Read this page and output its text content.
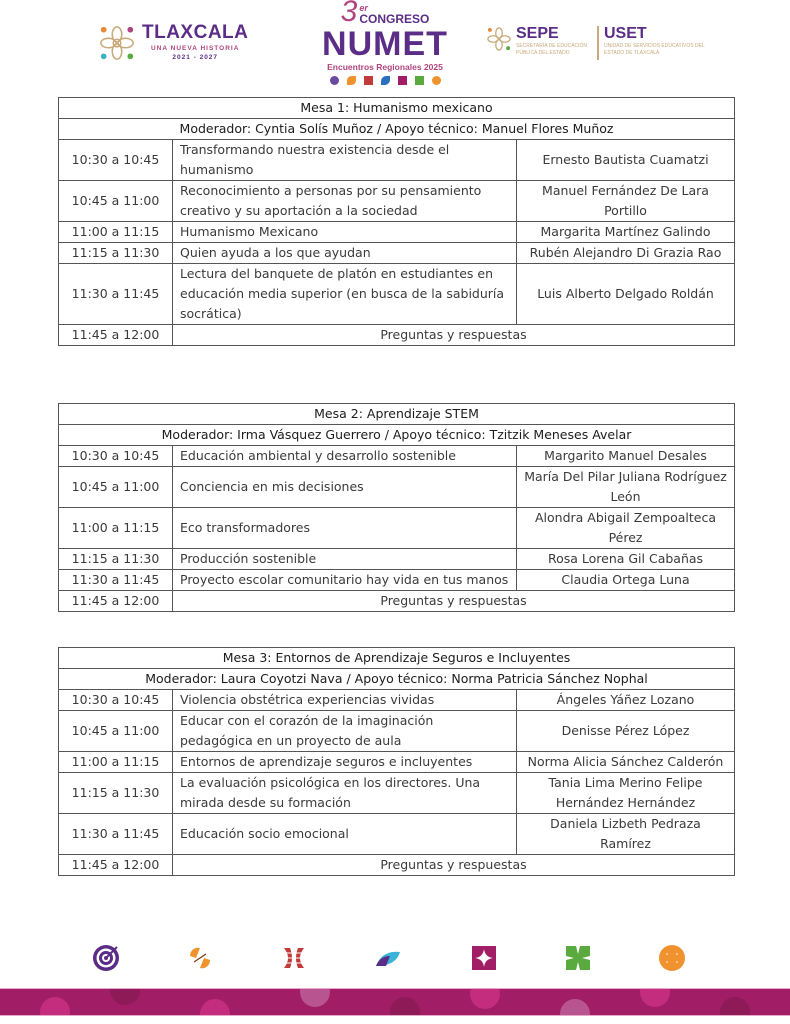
TLAXCALA
UNA NUEVA HISTORIA
2021 - 2027
3 er
CONGRESO
NUMET
Encuentros Regionales 2025
SEPE
SECRETARÍA DE EDUCACIÓN PÚBLICA DEL ESTADO
USET
UNIDAD DE SERVICIOS EDUCATIVOS DEL ESTADO DE TLAXCALA
Mesa 1: Humanismo mexicano		
Moderador: Cyntia Solís Muñoz / Apoyo técnico: Manuel Flores Muñoz		
10:30 a 10:45	Transformando nuestra existencia desde el humanismo	Ernesto Bautista Cuamatzi
10:45 a 11:00	Reconocimiento a personas por su pensamiento creativo y su aportación a la sociedad	Manuel Fernández De Lara Portillo
11:00 a 11:15	Humanismo Mexicano	Margarita Martínez Galindo
11:15 a 11:30	Quien ayuda a los que ayudan	Rubén Alejandro Di Grazia Rao
11:30 a 11:45	Lectura del banquete de platón en estudiantes en educación media superior (en busca de la sabiduría socrática)	Luis Alberto Delgado Roldán
11:45 a 12:00	Preguntas y respuestas	
Mesa 2: Aprendizaje STEM		
Moderador: Irma Vásquez Guerrero / Apoyo técnico: Tzitzik Meneses Avelar		
10:30 a 10:45	Educación ambiental y desarrollo sostenible	Margarito Manuel Desales
10:45 a 11:00	Conciencia en mis decisiones	María Del Pilar Juliana Rodríguez León
11:00 a 11:15	Eco transformadores	Alondra Abigail Zempoalteca Pérez
11:15 a 11:30	Producción sostenible	Rosa Lorena Gil Cabañas
11:30 a 11:45	Proyecto escolar comunitario hay vida en tus manos	Claudia Ortega Luna
11:45 a 12:00	Preguntas y respuestas	
Mesa 3: Entornos de Aprendizaje Seguros e Incluyentes		
Moderador: Laura Coyotzi Nava / Apoyo técnico: Norma Patricia Sánchez Nophal		
10:30 a 10:45	Violencia obstétrica experiencias vividas	Ángeles Yáñez Lozano
10:45 a 11:00	Educar con el corazón de la imaginación pedagógica en un proyecto de aula	Denisse Pérez López
11:00 a 11:15	Entornos de aprendizaje seguros e incluyentes	Norma Alicia Sánchez Calderón
11:15 a 11:30	La evaluación psicológica en los directores. Una mirada desde su formación	Tania Lima Merino Felipe Hernández Hernández
11:30 a 11:45	Educación socio emocional	Daniela Lizbeth Pedraza Ramírez
11:45 a 12:00	Preguntas y respuestas	
